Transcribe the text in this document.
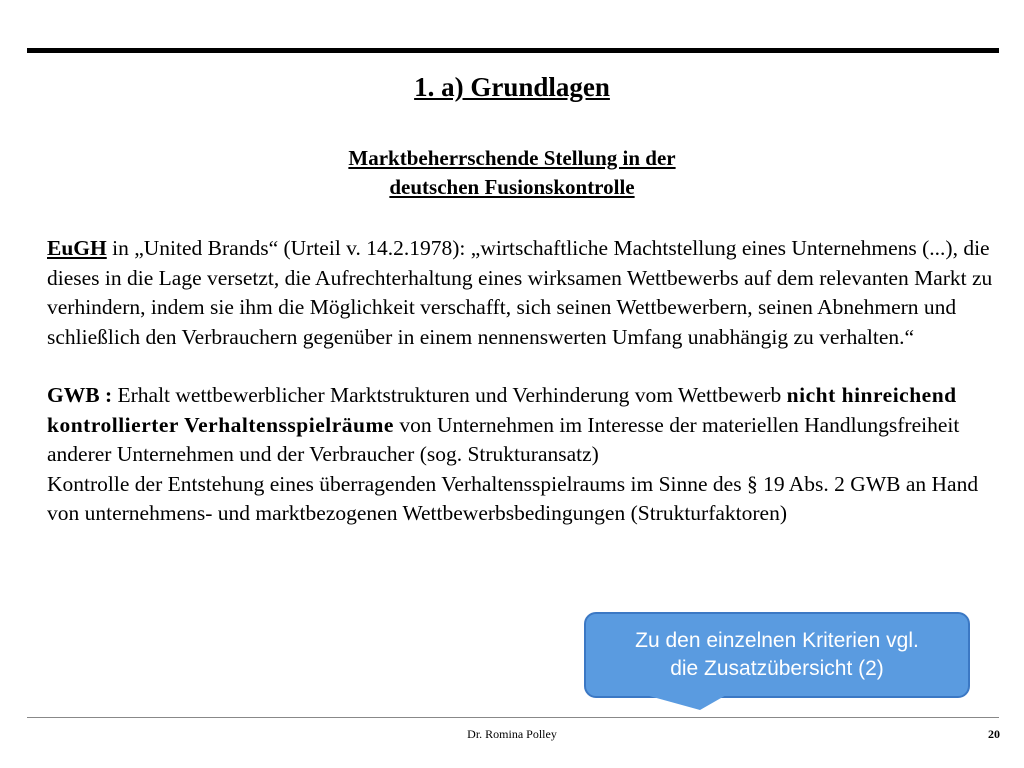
1. a) Grundlagen
Marktbeherrschende Stellung in der
deutschen Fusionskontrolle

EuGH in „United Brands“ (Urteil v. 14.2.1978): „wirtschaftliche Machtstellung eines Unternehmens (...), die dieses in die Lage versetzt, die Aufrechterhaltung eines wirksamen Wettbewerbs auf dem relevanten Markt zu verhindern, indem sie ihm die Möglichkeit verschafft, sich seinen Wettbewerbern, seinen Abnehmern und schließlich den Verbrauchern gegenüber in einem nennenswerten Umfang unabhängig zu verhalten.“

GWB : Erhalt wettbewerblicher Marktstrukturen und Verhinderung vom Wettbewerb nicht hinreichend kontrollierter Verhaltensspielräume von Unternehmen im Interesse der materiellen Handlungsfreiheit anderer Unternehmen und der Verbraucher (sog. Strukturansatz)

Kontrolle der Entstehung eines überragenden Verhaltensspielraums im Sinne des § 19 Abs. 2 GWB an Hand von unternehmens- und marktbezogenen Wettbewerbsbedingungen (Strukturfaktoren)

Zu den einzelnen Kriterien vgl.
die Zusatzübersicht (2)
Dr. Romina Polley	20
